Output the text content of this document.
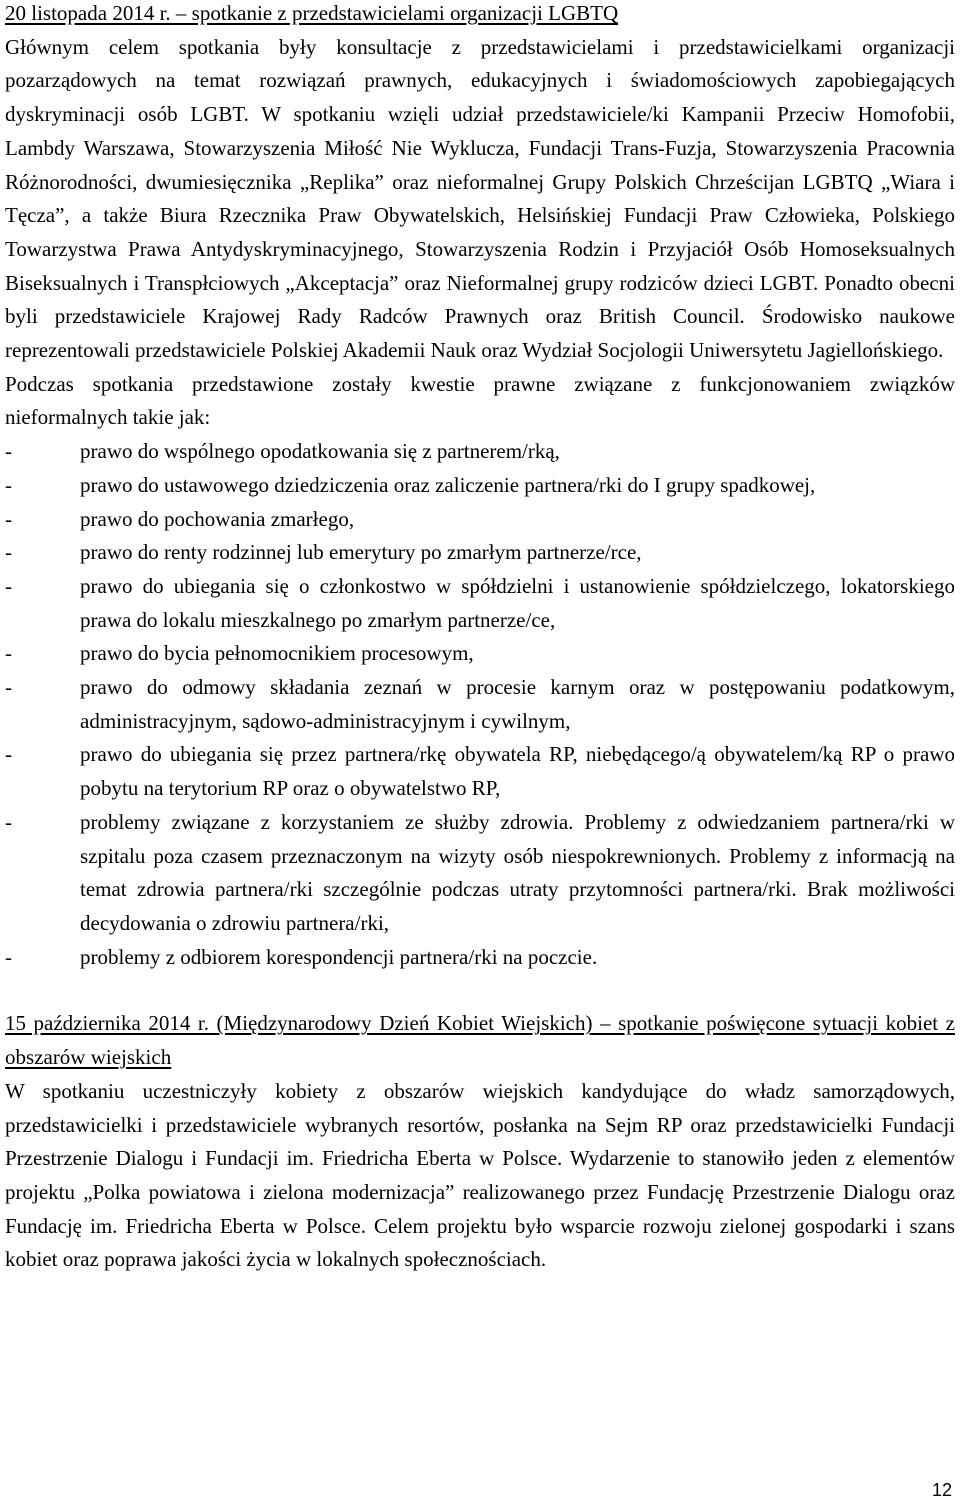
20 listopada 2014 r. – spotkanie z przedstawicielami organizacji LGBTQ

Głównym celem spotkania były konsultacje z przedstawicielami i przedstawicielkami organizacji pozarządowych na temat rozwiązań prawnych, edukacyjnych i świadomościowych zapobiegających dyskryminacji osób LGBT. W spotkaniu wzięli udział przedstawiciele/ki Kampanii Przeciw Homofobii, Lambdy Warszawa, Stowarzyszenia Miłość Nie Wyklucza, Fundacji Trans-Fuzja, Stowarzyszenia Pracownia Różnorodności, dwumiesięcznika „Replika” oraz nieformalnej Grupy Polskich Chrześcijan LGBTQ „Wiara i Tęcza”, a także Biura Rzecznika Praw Obywatelskich, Helsińskiej Fundacji Praw Człowieka, Polskiego Towarzystwa Prawa Antydyskryminacyjnego, Stowarzyszenia Rodzin i Przyjaciół Osób Homoseksualnych Biseksualnych i Transpłciowych „Akceptacja” oraz Nieformalnej grupy rodziców dzieci LGBT. Ponadto obecni byli przedstawiciele Krajowej Rady Radców Prawnych oraz British Council. Środowisko naukowe reprezentowali przedstawiciele Polskiej Akademii Nauk oraz Wydział Socjologii Uniwersytetu Jagiellońskiego.

Podczas spotkania przedstawione zostały kwestie prawne związane z funkcjonowaniem związków nieformalnych takie jak:

-	prawo do wspólnego opodatkowania się z partnerem/rką,
-	prawo do ustawowego dziedziczenia oraz zaliczenie partnera/rki do I grupy spadkowej,
-	prawo do pochowania zmarłego,
-	prawo do renty rodzinnej lub emerytury po zmarłym partnerze/rce,
-	prawo do ubiegania się o członkostwo w spółdzielni i ustanowienie spółdzielczego, lokatorskiego prawa do lokalu mieszkalnego po zmarłym partnerze/ce,
-	prawo do bycia pełnomocnikiem procesowym,
-	prawo do odmowy składania zeznań w procesie karnym oraz w postępowaniu podatkowym, administracyjnym, sądowo-administracyjnym i cywilnym,
-	prawo do ubiegania się przez partnera/rkę obywatela RP, niebędącego/ą obywatelem/ką RP o prawo pobytu na terytorium RP oraz o obywatelstwo RP,
-	problemy związane z korzystaniem ze służby zdrowia. Problemy z odwiedzaniem partnera/rki w szpitalu poza czasem przeznaczonym na wizyty osób niespokrewnionych. Problemy z informacją na temat zdrowia partnera/rki szczególnie podczas utraty przytomności partnera/rki. Brak możliwości decydowania o zdrowiu partnera/rki,
-	problemy z odbiorem korespondencji partnera/rki na poczcie.

15 października 2014 r. (Międzynarodowy Dzień Kobiet Wiejskich) – spotkanie poświęcone sytuacji kobiet z obszarów wiejskich

W spotkaniu uczestniczyły kobiety z obszarów wiejskich kandydujące do władz samorządowych, przedstawicielki i przedstawiciele wybranych resortów, posłanka na Sejm RP oraz przedstawicielki Fundacji Przestrzenie Dialogu i Fundacji im. Friedricha Eberta w Polsce. Wydarzenie to stanowiło jeden z elementów projektu „Polka powiatowa i zielona modernizacja” realizowanego przez Fundację Przestrzenie Dialogu oraz Fundację im. Friedricha Eberta w Polsce. Celem projektu było wsparcie rozwoju zielonej gospodarki i szans kobiet oraz poprawa jakości życia w lokalnych społecznościach.

12
